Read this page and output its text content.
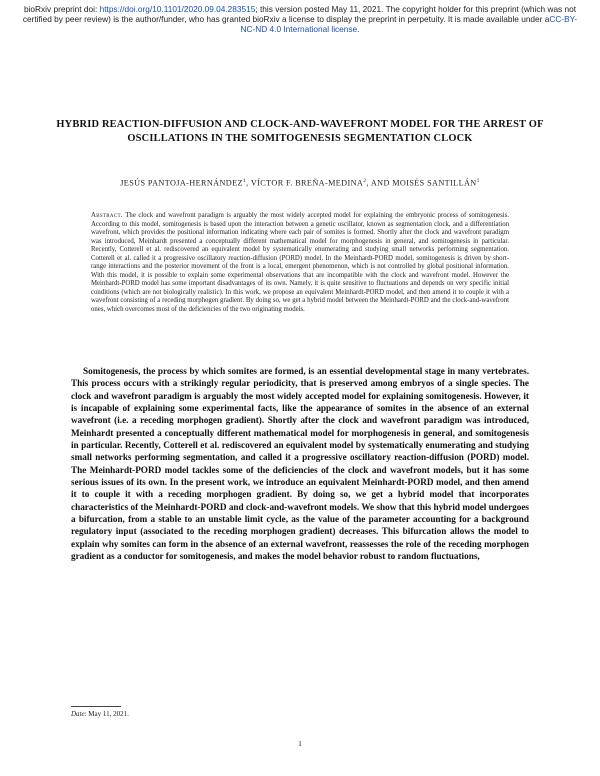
bioRxiv preprint doi: https://doi.org/10.1101/2020.09.04.283515; this version posted May 11, 2021. The copyright holder for this preprint (which was not certified by peer review) is the author/funder, who has granted bioRxiv a license to display the preprint in perpetuity. It is made available under aCC-BY-NC-ND 4.0 International license.
HYBRID REACTION-DIFFUSION AND CLOCK-AND-WAVEFRONT MODEL FOR THE ARREST OF OSCILLATIONS IN THE SOMITOGENESIS SEGMENTATION CLOCK
JESÚS PANTOJA-HERNÁNDEZ$^1$, VÍCTOR F. BREÑA-MEDINA$^2$, AND MOISÉS SANTILLÁN$^1$

Abstract. The clock and wavefront paradigm is arguably the most widely accepted model for explaining the embryonic process of somitogenesis. According to this model, somitogenesis is based upon the interaction between a genetic oscillator, known as segmentation clock, and a differentiation wavefront, which provides the positional information indicating where each pair of somites is formed. Shortly after the clock and wavefront paradigm was introduced, Meinhardt presented a conceptually different mathematical model for morphogenesis in general, and somitogenesis in particular. Recently, Cotterell et al. rediscovered an equivalent model by systematically enumerating and studying small networks performing segmentation. Cotterell et al. called it a progressive oscillatory reaction-diffusion (PORD) model. In the Meinhardt-PORD model, somitogenesis is driven by short-range interactions and the posterior movement of the front is a local, emergent phenomenon, which is not controlled by global positional information. With this model, it is possible to explain some experimental observations that are incompatible with the clock and wavefront model. However the Meinhardt-PORD model has some important disadvantages of its own. Namely, it is quite sensitive to fluctuations and depends on very specific initial conditions (which are not biologically realistic). In this work, we propose an equivalent Meinhardt-PORD model, and then amend it to couple it with a wavefront consisting of a receding morphogen gradient. By doing so, we get a hybrid model between the Meinhardt-PORD and the clock-and-wavefront ones, which overcomes most of the deficiencies of the two originating models.

Somitogenesis, the process by which somites are formed, is an essential developmental stage in many vertebrates. This process occurs with a strikingly regular periodicity, that is preserved among embryos of a single species. The clock and wavefront paradigm is arguably the most widely accepted model for explaining somitogenesis. However, it is incapable of explaining some experimental facts, like the appearance of somites in the absence of an external wavefront (i.e. a receding morphogen gradient). Shortly after the clock and wavefront paradigm was introduced, Meinhardt presented a conceptually different mathematical model for morphogenesis in general, and somitogenesis in particular. Recently, Cotterell et al. rediscovered an equivalent model by systematically enumerating and studying small networks performing segmentation, and called it a progressive oscillatory reaction-diffusion (PORD) model. The Meinhardt-PORD model tackles some of the deficiencies of the clock and wavefront models, but it has some serious issues of its own. In the present work, we introduce an equivalent Meinhardt-PORD model, and then amend it to couple it with a receding morphogen gradient. By doing so, we get a hybrid model that incorporates characteristics of the Meinhardt-PORD and clock-and-wavefront models. We show that this hybrid model undergoes a bifurcation, from a stable to an unstable limit cycle, as the value of the parameter accounting for a background regulatory input (associated to the receding morphogen gradient) decreases. This bifurcation allows the model to explain why somites can form in the absence of an external wavefront, reassesses the role of the receding morphogen gradient as a conductor for somitogenesis, and makes the model behavior robust to random fluctuations,

Date: May 11, 2021.
1
